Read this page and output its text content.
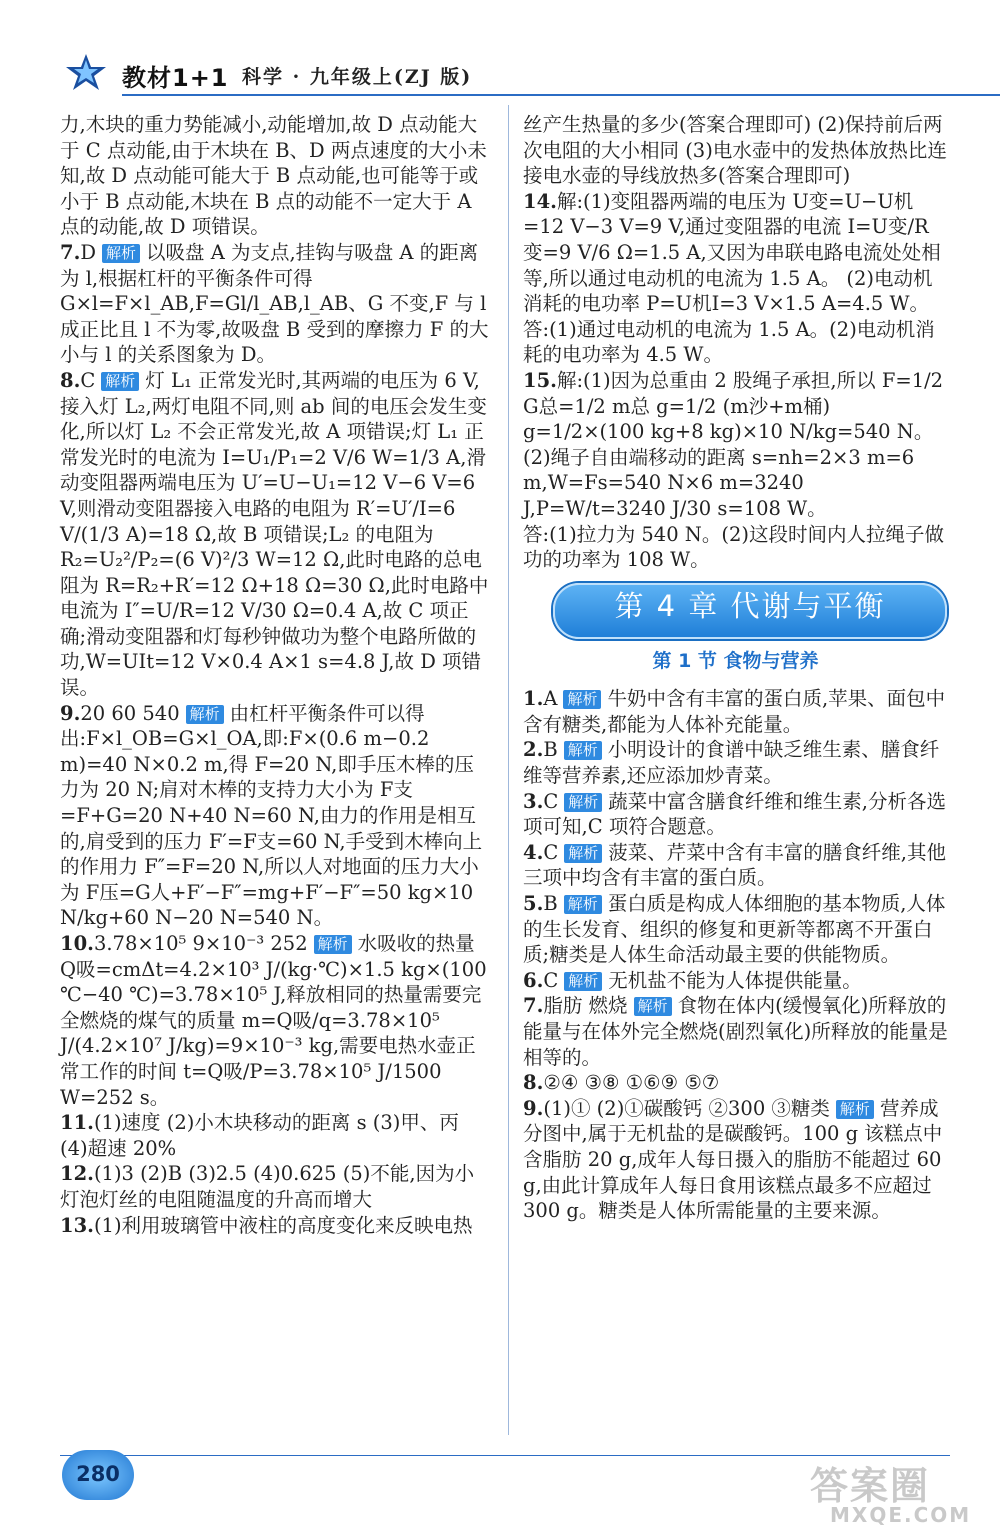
教材1+1 科学 · 九年级上(ZJ 版)

力,木块的重力势能减小,动能增加,故 D 点动能大于 C 点动能,由于木块在 B、D 两点速度的大小未知,故 D 点动能可能大于 B 点动能,也可能等于或小于 B 点动能,木块在 B 点的动能不一定大于 A 点的动能,故 D 项错误。

7.D 解析 以吸盘 A 为支点,挂钩与吸盘 A 的距离为 l,根据杠杆的平衡条件可得 G×l=F×l_AB,F=Gl/l_AB,l_AB、G 不变,F 与 l 成正比且 l 不为零,故吸盘 B 受到的摩擦力 F 的大小与 l 的关系图象为 D。

8.C 解析 灯 L₁ 正常发光时,其两端的电压为 6 V,接入灯 L₂,两灯电阻不同,则 ab 间的电压会发生变化,所以灯 L₂ 不会正常发光,故 A 项错误;灯 L₁ 正常发光时的电流为 I=U₁/P₁=2 V/6 W=1/3 A,滑动变阻器两端电压为 U′=U−U₁=12 V−6 V=6 V,则滑动变阻器接入电路的电阻为 R′=U′/I=6 V/(1/3 A)=18 Ω,故 B 项错误;L₂ 的电阻为 R₂=U₂²/P₂=(6 V)²/3 W=12 Ω,此时电路的总电阻为 R=R₂+R′=12 Ω+18 Ω=30 Ω,此时电路中电流为 I″=U/R=12 V/30 Ω=0.4 A,故 C 项正确;滑动变阻器和灯每秒钟做功为整个电路所做的功,W=UIt=12 V×0.4 A×1 s=4.8 J,故 D 项错误。

9.20 60 540 解析 由杠杆平衡条件可以得出:F×l_OB=G×l_OA,即:F×(0.6 m−0.2 m)=40 N×0.2 m,得 F=20 N,即手压木棒的压力为 20 N;肩对木棒的支持力大小为 F支=F+G=20 N+40 N=60 N,由力的作用是相互的,肩受到的压力 F′=F支=60 N,手受到木棒向上的作用力 F″=F=20 N,所以人对地面的压力大小为 F压=G人+F′−F″=mg+F′−F″=50 kg×10 N/kg+60 N−20 N=540 N。

10.3.78×10⁵ 9×10⁻³ 252 解析 水吸收的热量 Q吸=cmΔt=4.2×10³ J/(kg·℃)×1.5 kg×(100 ℃−40 ℃)=3.78×10⁵ J,释放相同的热量需要完全燃烧的煤气的质量 m=Q吸/q=3.78×10⁵ J/(4.2×10⁷ J/kg)=9×10⁻³ kg,需要电热水壶正常工作的时间 t=Q吸/P=3.78×10⁵ J/1500 W=252 s。

11.(1)速度 (2)小木块移动的距离 s (3)甲、丙 (4)超速 20%

12.(1)3 (2)B (3)2.5 (4)0.625 (5)不能,因为小灯泡灯丝的电阻随温度的升高而增大

13.(1)利用玻璃管中液柱的高度变化来反映电热

丝产生热量的多少(答案合理即可) (2)保持前后两次电阻的大小相同 (3)电水壶中的发热体放热比连接电水壶的导线放热多(答案合理即可)

14.解:(1)变阻器两端的电压为 U变=U−U机=12 V−3 V=9 V,通过变阻器的电流 I=U变/R变=9 V/6 Ω=1.5 A,又因为串联电路电流处处相等,所以通过电动机的电流为 1.5 A。 (2)电动机消耗的电功率 P=U机I=3 V×1.5 A=4.5 W。

答:(1)通过电动机的电流为 1.5 A。(2)电动机消耗的电功率为 4.5 W。

15.解:(1)因为总重由 2 股绳子承担,所以 F=1/2 G总=1/2 m总 g=1/2 (m沙+m桶) g=1/2×(100 kg+8 kg)×10 N/kg=540 N。

(2)绳子自由端移动的距离 s=nh=2×3 m=6 m,W=Fs=540 N×6 m=3240 J,P=W/t=3240 J/30 s=108 W。

答:(1)拉力为 540 N。(2)这段时间内人拉绳子做功的功率为 108 W。

第 4 章 代谢与平衡
第 1 节 食物与营养

1.A 解析 牛奶中含有丰富的蛋白质,苹果、面包中含有糖类,都能为人体补充能量。

2.B 解析 小明设计的食谱中缺乏维生素、膳食纤维等营养素,还应添加炒青菜。

3.C 解析 蔬菜中富含膳食纤维和维生素,分析各选项可知,C 项符合题意。

4.C 解析 菠菜、芹菜中含有丰富的膳食纤维,其他三项中均含有丰富的蛋白质。

5.B 解析 蛋白质是构成人体细胞的基本物质,人体的生长发育、组织的修复和更新等都离不开蛋白质;糖类是人体生命活动最主要的供能物质。

6.C 解析 无机盐不能为人体提供能量。

7.脂肪 燃烧 解析 食物在体内(缓慢氧化)所释放的能量与在体外完全燃烧(剧烈氧化)所释放的能量是相等的。

8.②④ ③⑧ ①⑥⑨ ⑤⑦

9.(1)① (2)①碳酸钙 ②300 ③糖类 解析 营养成分图中,属于无机盐的是碳酸钙。100 g 该糕点中含脂肪 20 g,成年人每日摄入的脂肪不能超过 60 g,由此计算成年人每日食用该糕点最多不应超过 300 g。糖类是人体所需能量的主要来源。

280	答案圈
MXQE.COM
